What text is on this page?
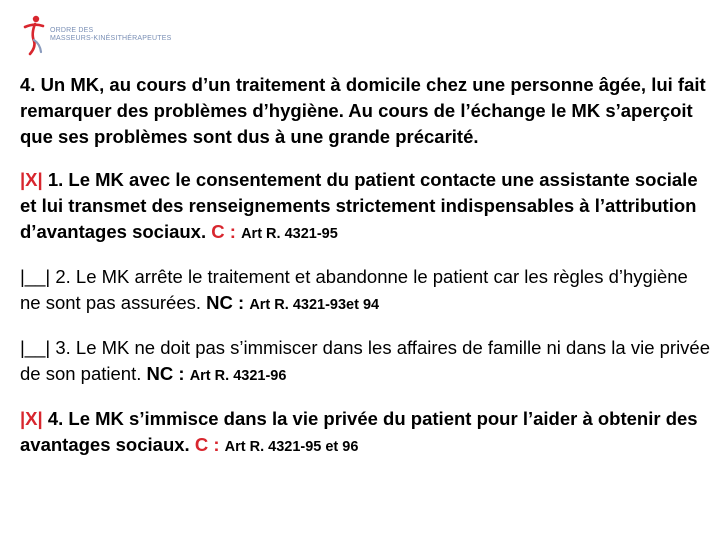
ORDRE DES
MASSEURS-KINÉSITHÉRAPEUTES

4. Un MK, au cours d’un traitement à domicile chez une personne âgée, lui fait remarquer des problèmes d’hygiène. Au cours de l’échange le MK s’aperçoit que ses problèmes sont dus à une grande précarité.

|X| 1. Le MK avec le consentement du patient contacte une assistante sociale et lui transmet des renseignements strictement indispensables à l’attribution d’avantages sociaux. C : Art R. 4321-95

|__| 2. Le MK arrête le traitement et abandonne le patient car les règles d’hygiène ne sont pas assurées. NC : Art R. 4321-93et 94

|__| 3. Le MK ne doit pas s’immiscer dans les affaires de famille ni dans la vie privée de son patient. NC : Art R. 4321-96

|X| 4. Le MK s’immisce dans la vie privée du patient pour l’aider à obtenir des avantages sociaux. C : Art R. 4321-95 et 96
